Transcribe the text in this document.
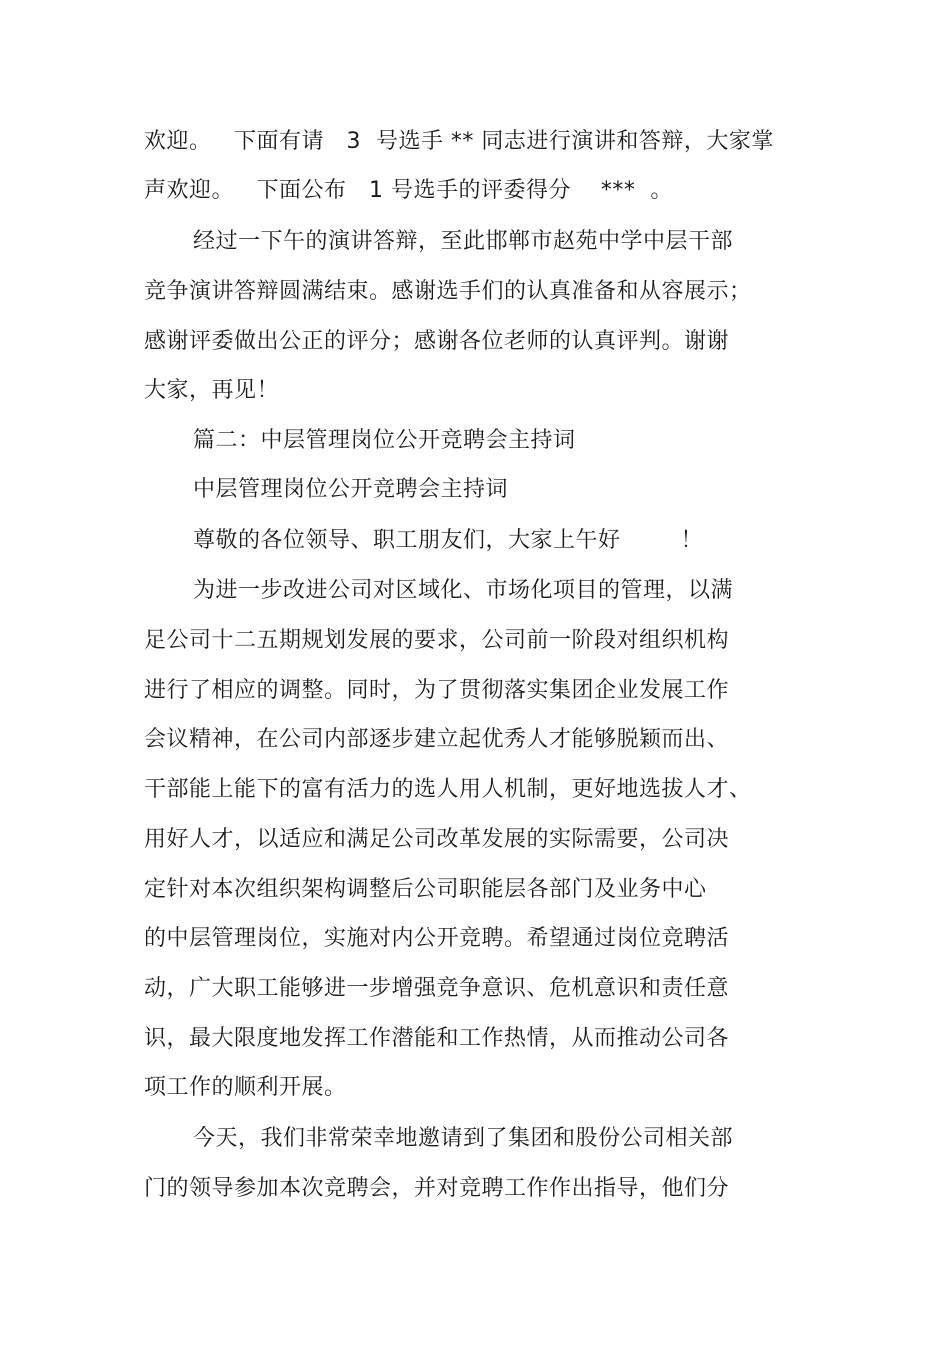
欢迎。   下面有请   3  号选手 ** 同志进行演讲和答辩，大家掌
声欢迎。   下面公布   1 号选手的评委得分    ***  。
经过一下午的演讲答辩，至此邯郸市赵苑中学中层干部
竞争演讲答辩圆满结束。感谢选手们的认真准备和从容展示；
感谢评委做出公正的评分；感谢各位老师的认真评判。谢谢
大家，再见！
篇二：中层管理岗位公开竞聘会主持词
中层管理岗位公开竞聘会主持词
尊敬的各位领导、职工朋友们，大家上午好        ！
为进一步改进公司对区域化、市场化项目的管理，以满
足公司十二五期规划发展的要求，公司前一阶段对组织机构
进行了相应的调整。同时，为了贯彻落实集团企业发展工作
会议精神，在公司内部逐步建立起优秀人才能够脱颖而出、
干部能上能下的富有活力的选人用人机制，更好地选拔人才、
用好人才，以适应和满足公司改革发展的实际需要，公司决
定针对本次组织架构调整后公司职能层各部门及业务中心
的中层管理岗位，实施对内公开竞聘。希望通过岗位竞聘活
动，广大职工能够进一步增强竞争意识、危机意识和责任意
识，最大限度地发挥工作潜能和工作热情，从而推动公司各
项工作的顺利开展。
今天，我们非常荣幸地邀请到了集团和股份公司相关部
门的领导参加本次竞聘会，并对竞聘工作作出指导，他们分
